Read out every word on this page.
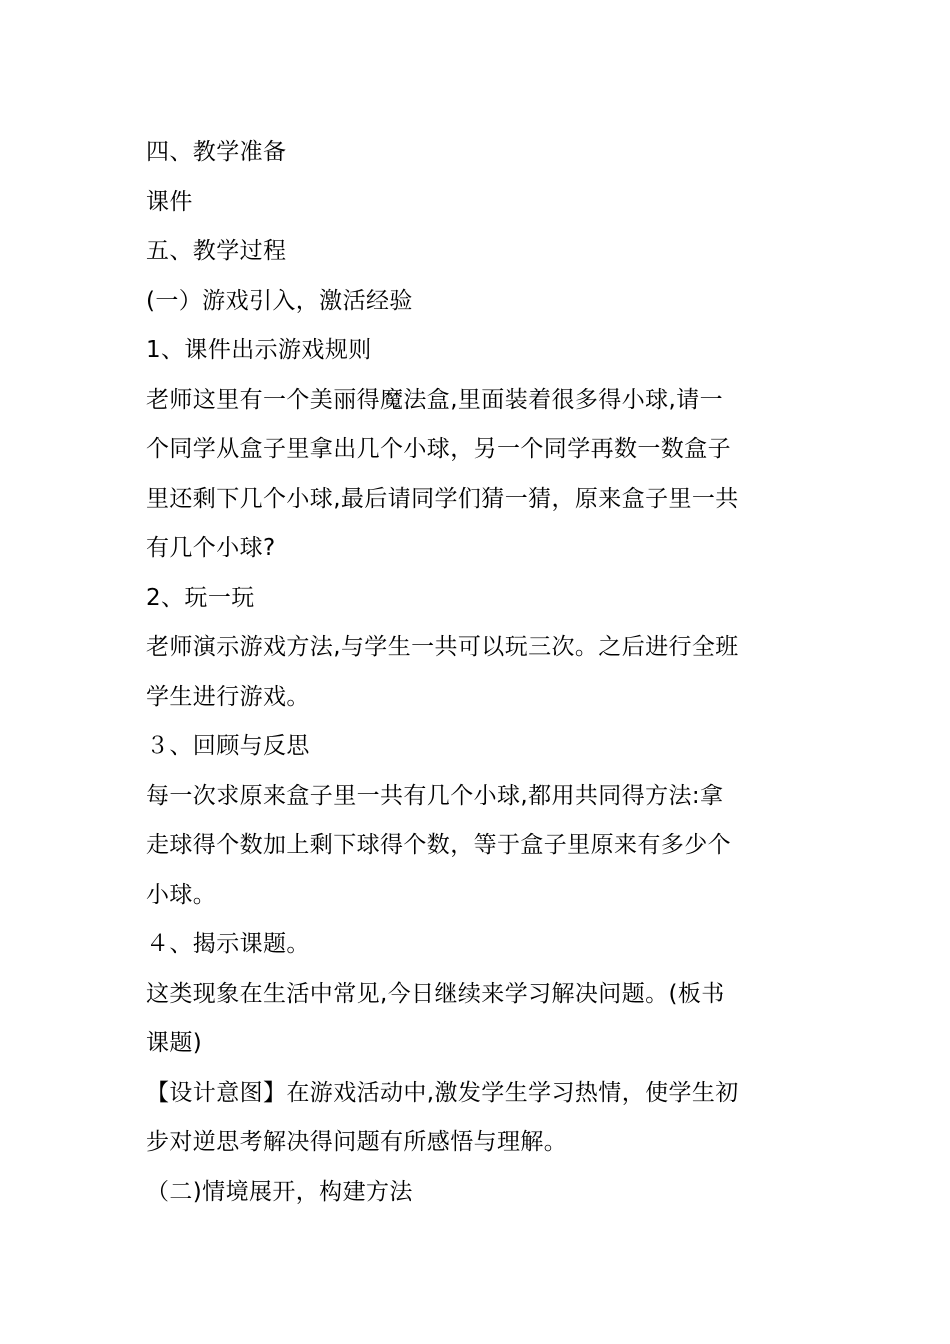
四、教学准备
课件
五、教学过程
(一）游戏引入，激活经验
1、课件出示游戏规则
老师这里有一个美丽得魔法盒,里面装着很多得小球,请一
个同学从盒子里拿出几个小球，另一个同学再数一数盒子
里还剩下几个小球,最后请同学们猜一猜，原来盒子里一共
有几个小球?
2、玩一玩
老师演示游戏方法,与学生一共可以玩三次。之后进行全班
学生进行游戏。
３、回顾与反思
每一次求原来盒子里一共有几个小球,都用共同得方法:拿
走球得个数加上剩下球得个数，等于盒子里原来有多少个
小球。
４、揭示课题。
这类现象在生活中常见,今日继续来学习解决问题。(板书
课题)
【设计意图】在游戏活动中,激发学生学习热情，使学生初
步对逆思考解决得问题有所感悟与理解。
（二)情境展开，构建方法
